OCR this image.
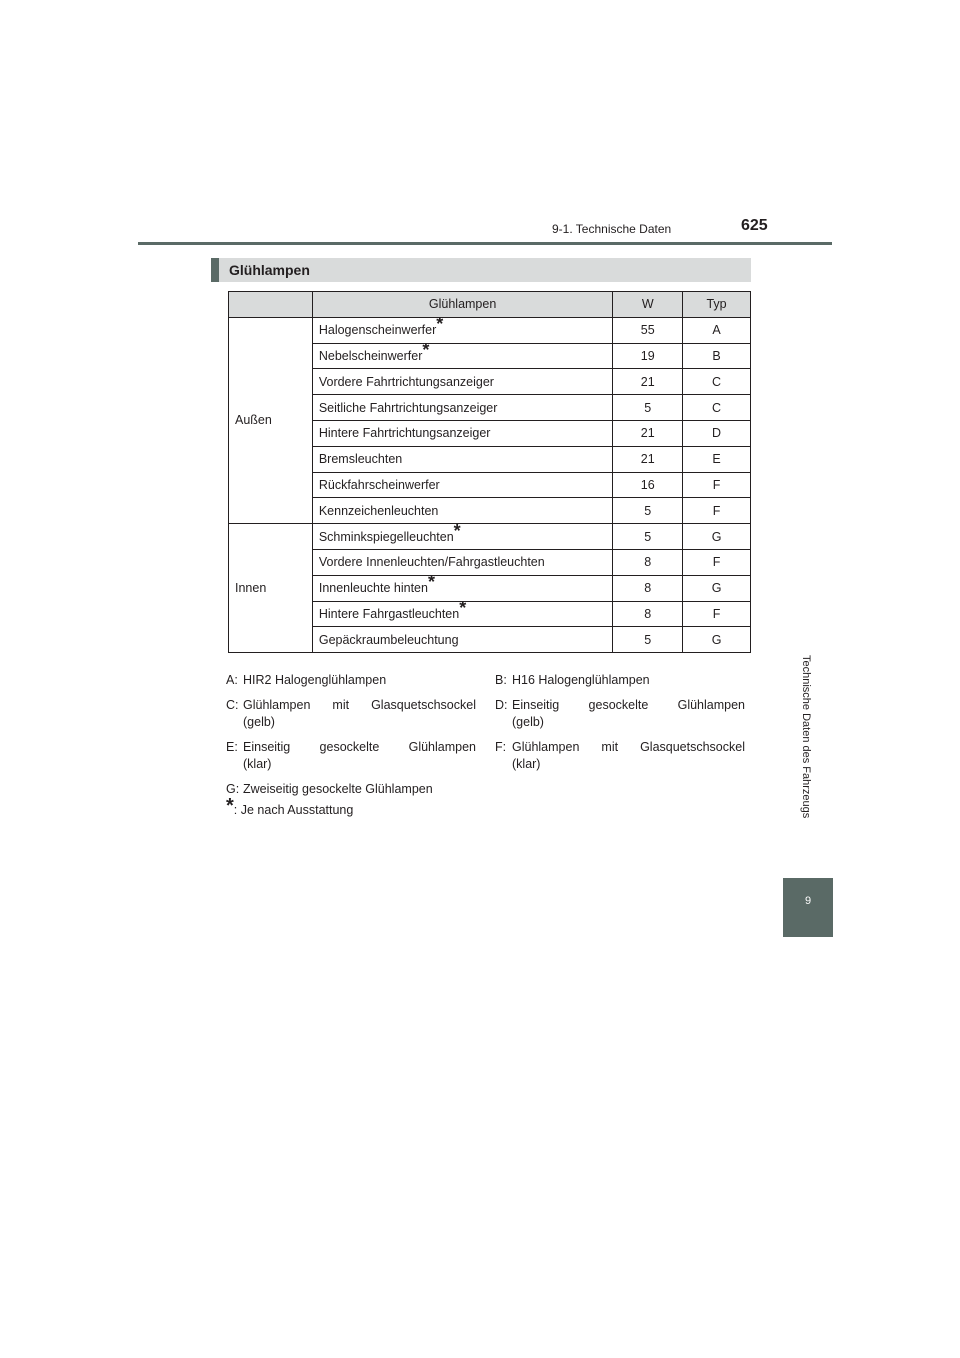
9-1. Technische Daten	625
Technische Daten des Fahrzeugs
9
Glühlampen
	Glühlampen	W	Typ
Außen	Halogenscheinwerfer*	55	A
	Nebelscheinwerfer*	19	B
	Vordere Fahrtrichtungsanzeiger	21	C
	Seitliche Fahrtrichtungsanzeiger	5	C
	Hintere Fahrtrichtungsanzeiger	21	D
	Bremsleuchten	21	E
	Rückfahrscheinwerfer	16	F
	Kennzeichenleuchten	5	F
Innen	Schminkspiegelleuchten*	5	G
	Vordere Innenleuchten/Fahrgastleuchten	8	F
	Innenleuchte hinten*	8	G
	Hintere Fahrgastleuchten*	8	F
	Gepäckraumbeleuchtung	5	G
A: HIR2 Halogenglühlampen	B: H16 Halogenglühlampen
C: Glühlampen mit Glasquetschsockel
(gelb)
D: Einseitig gesockelte Glühlampen
(gelb)
E: Einseitig gesockelte Glühlampen
(klar)
F: Glühlampen mit Glasquetschsockel
(klar)
G: Zweiseitig gesockelte Glühlampen
*: Je nach Ausstattung
